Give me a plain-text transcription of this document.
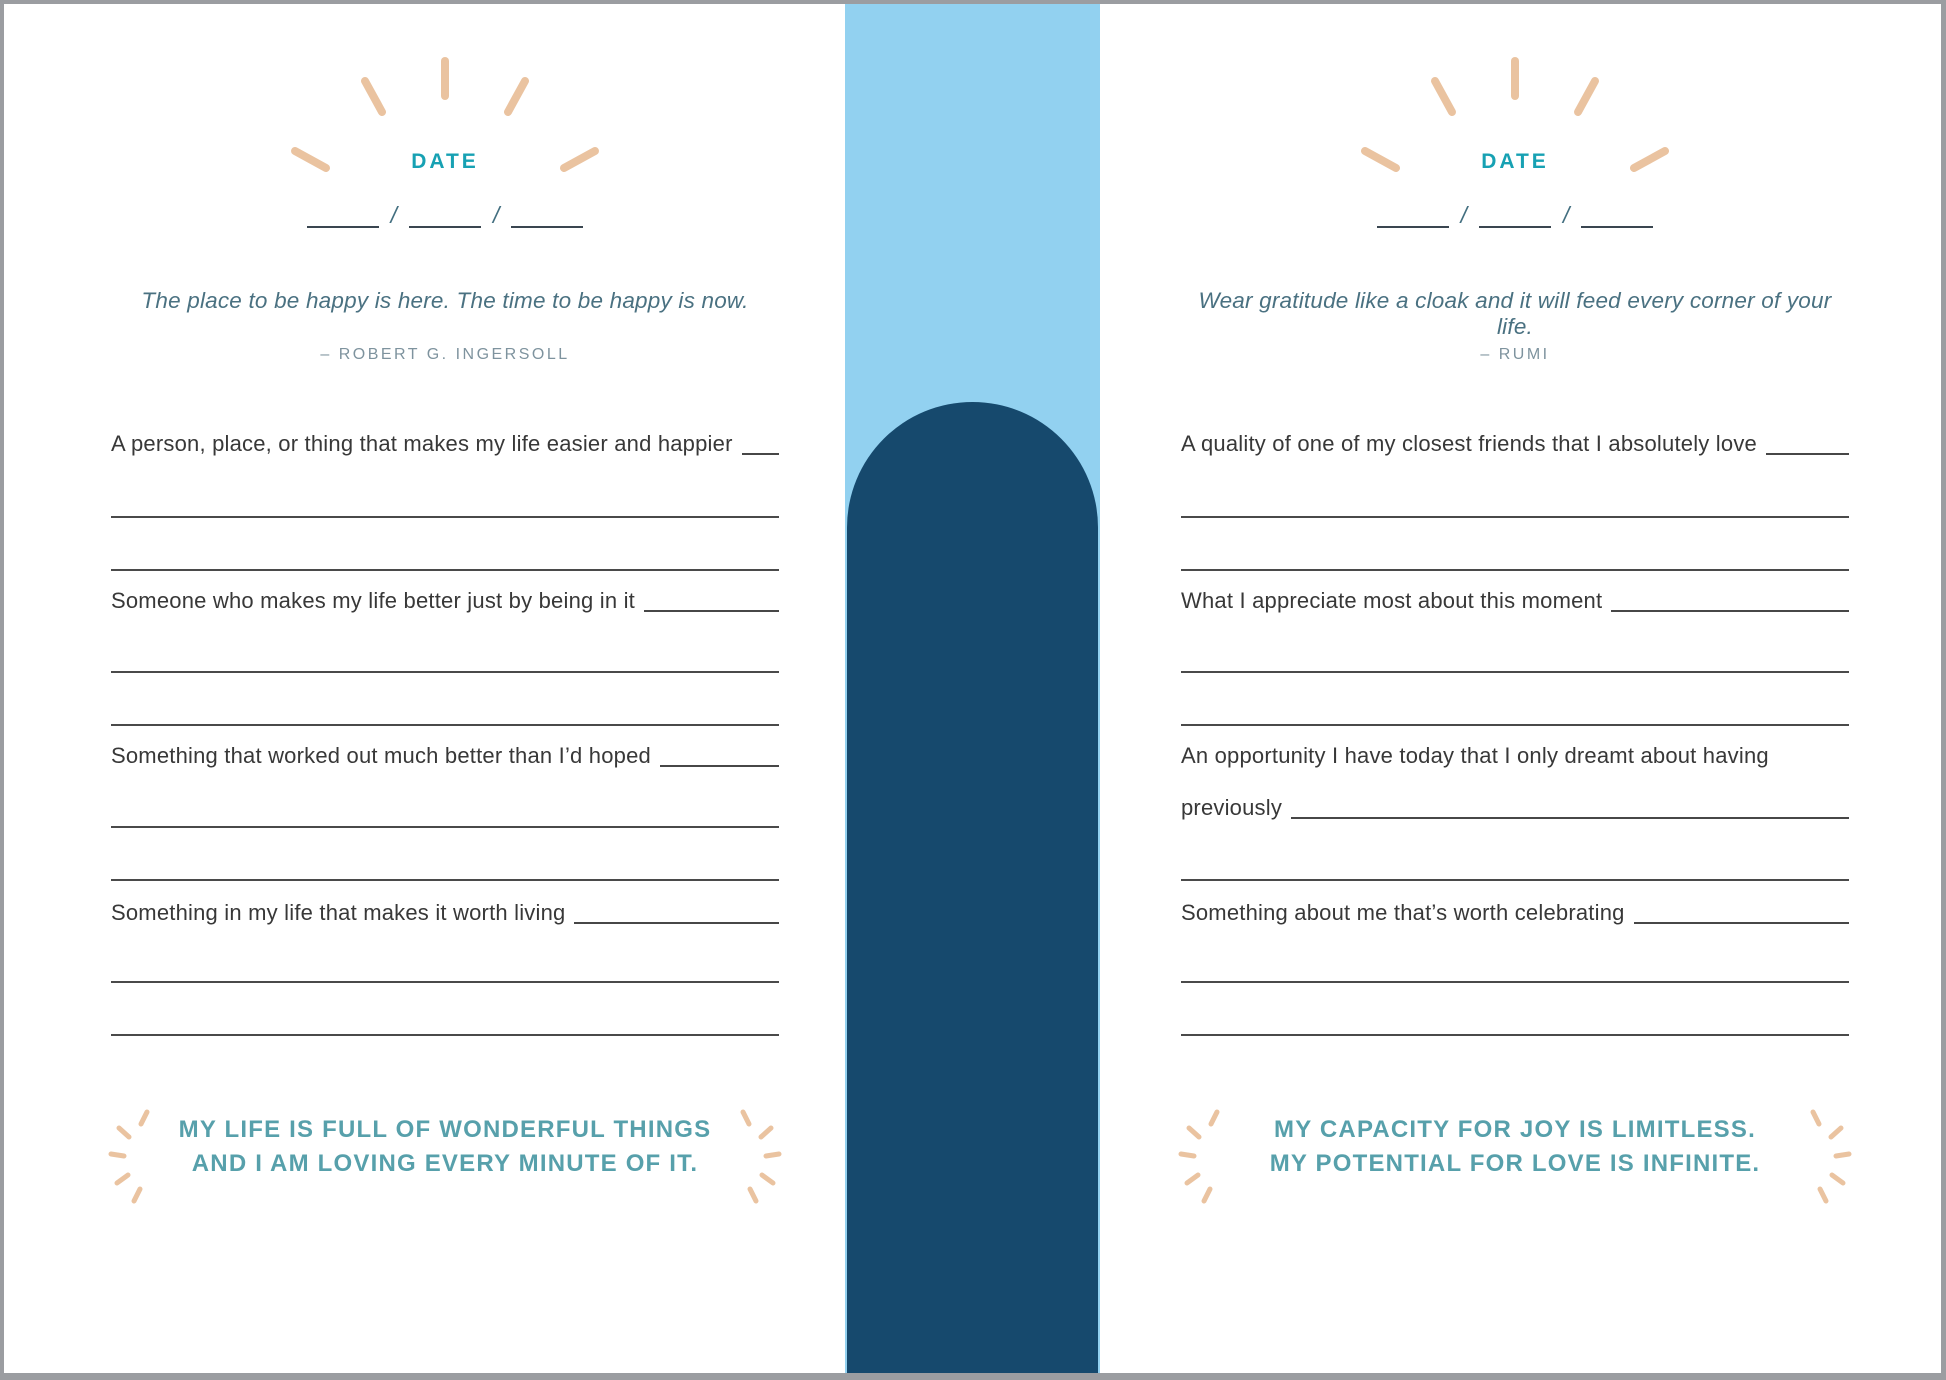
DATE
/	/
The place to be happy is here. The time to be happy is now.
– ROBERT G. INGERSOLL
A person, place, or thing that makes my life easier and happier
Someone who makes my life better just by being in it
Something that worked out much better than I’d hoped
Something in my life that makes it worth living
MY LIFE IS FULL OF WONDERFUL THINGS
AND I AM LOVING EVERY MINUTE OF IT.
DATE
/	/
Wear gratitude like a cloak and it will feed every corner of your life.
– RUMI
A quality of one of my closest friends that I absolutely love
What I appreciate most about this moment
An opportunity I have today that I only dreamt about having
previously
Something about me that’s worth celebrating
MY CAPACITY FOR JOY IS LIMITLESS.
MY POTENTIAL FOR LOVE IS INFINITE.
